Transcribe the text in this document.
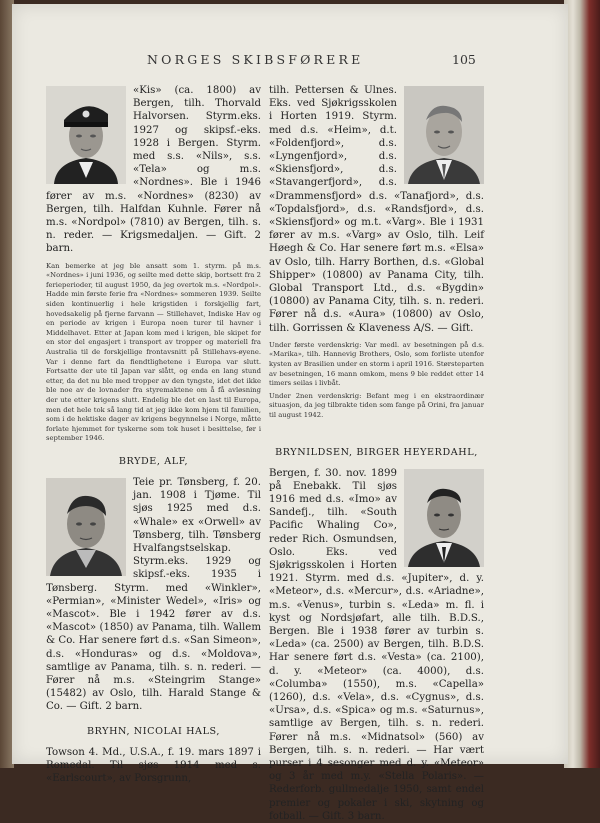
NORGES SKIBSFØRERE	105

«Kis» (ca. 1800) av Bergen, tilh. Thorvald Halvorsen. Styrm.eks. 1927 og skipsf.-eks. 1928 i Bergen. Styrm. med s.s. «Nils», s.s. «Tela» og m.s. «Nordnes». Ble i 1946 fører av m.s. «Nordnes» (8230) av Bergen, tilh. Halfdan Kuhnle. Fører nå m.s. «Nordpol» (7810) av Bergen, tilh. s. n. reder. — Krigsmedaljen. — Gift. 2 barn.

Kan bemerke at jeg ble ansatt som 1. styrm. på m.s. «Nordnes» i juni 1936, og seilte med dette skip, bortsett fra 2 ferieperioder, til august 1950, da jeg overtok m.s. «Nordpol». Hadde min første ferie fra «Nordnes» sommeren 1939. Seilte siden kontinuerlig i hele krigstiden i forskjellig fart, hovedsakelig på fjerne farvann — Stillehavet, Indiske Hav og en periode av krigen i Europa noen turer til havner i Middelhavet. Etter at Japan kom med i krigen, ble skipet for en stor del engasjert i transport av tropper og materiell fra Australia til de forskjellige frontavsnitt på Stillehavs-øyene. Var i denne fart da fiendtlighetene i Europa var slutt. Fortsatte der ute til Japan var slått, og enda en lang stund etter, da det nu ble med tropper av den tyngste, idet det ikke ble noe av de lovnader fra styremaktene om å få avløsning der ute etter krigens slutt. Endelig ble det en last til Europa, men det hele tok så lang tid at jeg ikke kom hjem til familien, som i de hektiske dager av krigens begynnelse i Norge, måtte forlate hjemmet for tyskerne som tok huset i besittelse, før i september 1946.

BRYDE, ALF,

Teie pr. Tønsberg, f. 20. jan. 1908 i Tjøme. Til sjøs 1925 med d.s. «Whale» ex «Orwell» av Tønsberg, tilh. Tønsberg Hvalfangstselskap. Styrm.eks. 1929 og skipsf.-eks. 1935 i Tønsberg. Styrm. med «Winkler», «Permian», «Minister Wedel», «Iris» og «Mascot». Ble i 1942 fører av d.s. «Mascot» (1850) av Panama, tilh. Wallem & Co. Har senere ført d.s. «San Simeon», d.s. «Honduras» og d.s. «Moldova», samtlige av Panama, tilh. s. n. rederi. — Fører nå m.s. «Steingrim Stange» (15482) av Oslo, tilh. Harald Stange & Co. — Gift. 2 barn.

BRYHN, NICOLAI HALS,

Towson 4. Md., U.S.A., f. 19. mars 1897 i Romedal. Til sjøs 1914 med s. «Earlscourt», av Porsgrunn,

tilh. Pettersen & Ulnes. Eks. ved Sjøkrigsskolen i Horten 1919. Styrm. med d.s. «Heim», d.t. «Foldenfjord», d.s. «Lyngenfjord», d.s. «Skiensfjord», d.s. «Stavangerfjord», d.s. «Drammensfjord» d.s. «Tanafjord», d.s. «Topdalsfjord», d.s. «Randsfjord», d.s. «Skiensfjord» og m.t. «Varg». Ble i 1931 fører av m.s. «Varg» av Oslo, tilh. Leif Høegh & Co. Har senere ført m.s. «Elsa» av Oslo, tilh. Harry Borthen, d.s. «Global Shipper» (10800) av Panama City, tilh. Global Transport Ltd., d.s. «Bygdin» (10800) av Panama City, tilh. s. n. rederi. Fører nå d.s. «Aura» (10800) av Oslo, tilh. Gorrissen & Klaveness A/S. — Gift.

Under første verdenskrig: Var medl. av besetningen på d.s. «Marika», tilh. Hannevig Brothers, Oslo, som forliste utenfor kysten av Brasilien under en storm i april 1916. Størsteparten av besetningen, 16 mann omkom, mens 9 ble reddet etter 14 timers seilas i livbåt.

Under 2nen verdenskrig: Befant meg i en ekstraordinær situasjon, da jeg tilbrakte tiden som fange på Orini, fra januar til august 1942.

BRYNILDSEN, BIRGER HEYERDAHL,

Bergen, f. 30. nov. 1899 på Enebakk. Til sjøs 1916 med d.s. «Imo» av Sandefj., tilh. «South Pacific Whaling Co», reder Rich. Osmundsen, Oslo. Eks. ved Sjøkrigsskolen i Horten 1921. Styrm. med d.s. «Jupiter», d. y. «Meteor», d.s. «Mercur», d.s. «Ariadne», m.s. «Venus», turbin s. «Leda» m. fl. i kyst og Nordsjøfart, alle tilh. B.D.S., Bergen. Ble i 1938 fører av turbin s. «Leda» (ca. 2500) av Bergen, tilh. B.D.S. Har senere ført d.s. «Vesta» (ca. 2100), d. y. «Meteor» (ca. 4000), d.s. «Columba» (1550), m.s. «Capella» (1260), d.s. «Vela», d.s. «Cygnus», d.s. «Ursa», d.s. «Spica» og m.s. «Saturnus», samtlige av Bergen, tilh. s. n. rederi. Fører nå m.s. «Midnatsol» (560) av Bergen, tilh. s. n. rederi. — Har vært purser i 4 sesonger med d. y. «Meteor» og 3 år med m.y. «Stella Polaris». — Rederforb. gullmedalje 1950, samt endel premier og pokaler i ski, skytning og fotball. — Gift. 3 barn.
